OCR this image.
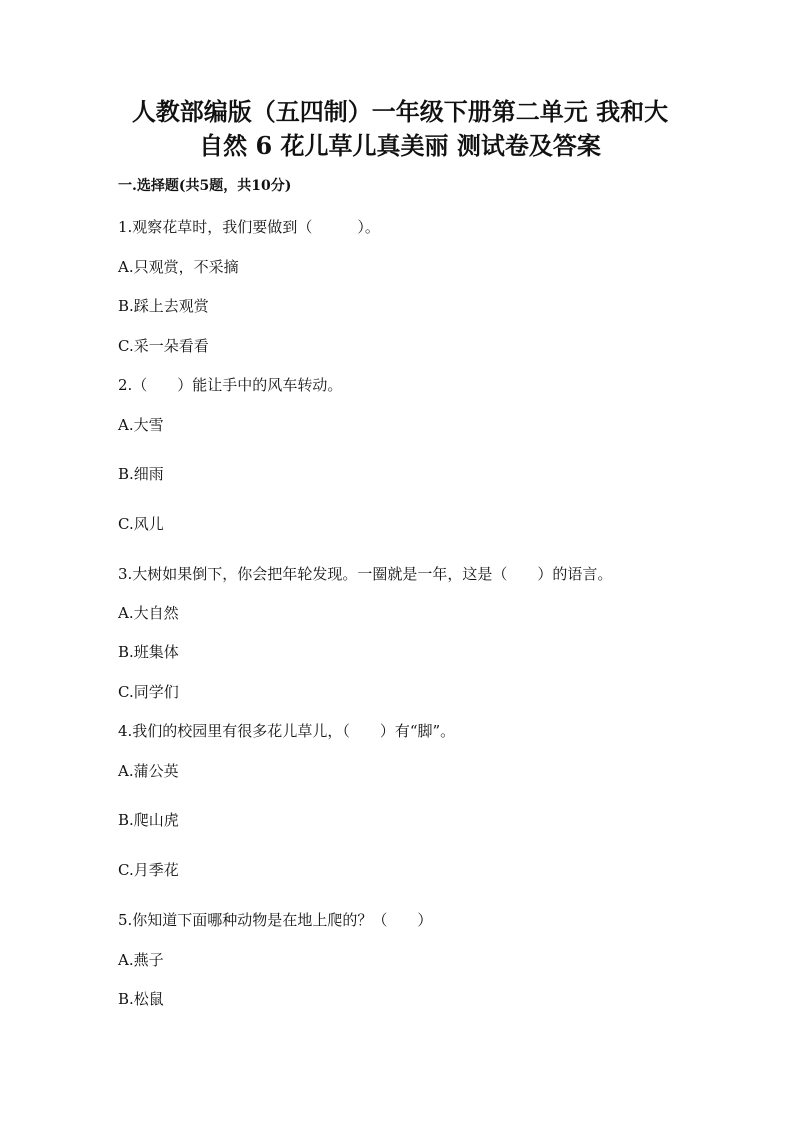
人教部编版（五四制）一年级下册第二单元 我和大
自然 6 花儿草儿真美丽 测试卷及答案
一.选择题(共5题，共10分)
1.观察花草时，我们要做到（　　　）。
A.只观赏，不采摘
B.踩上去观赏
C.采一朵看看
2.（　　）能让手中的风车转动。
A.大雪
B.细雨
C.风儿
3.大树如果倒下，你会把年轮发现。一圈就是一年，这是（　　）的语言。
A.大自然
B.班集体
C.同学们
4.我们的校园里有很多花儿草儿，（　　）有“脚”。
A.蒲公英
B.爬山虎
C.月季花
5.你知道下面哪种动物是在地上爬的？（　　）
A.燕子
B.松鼠
